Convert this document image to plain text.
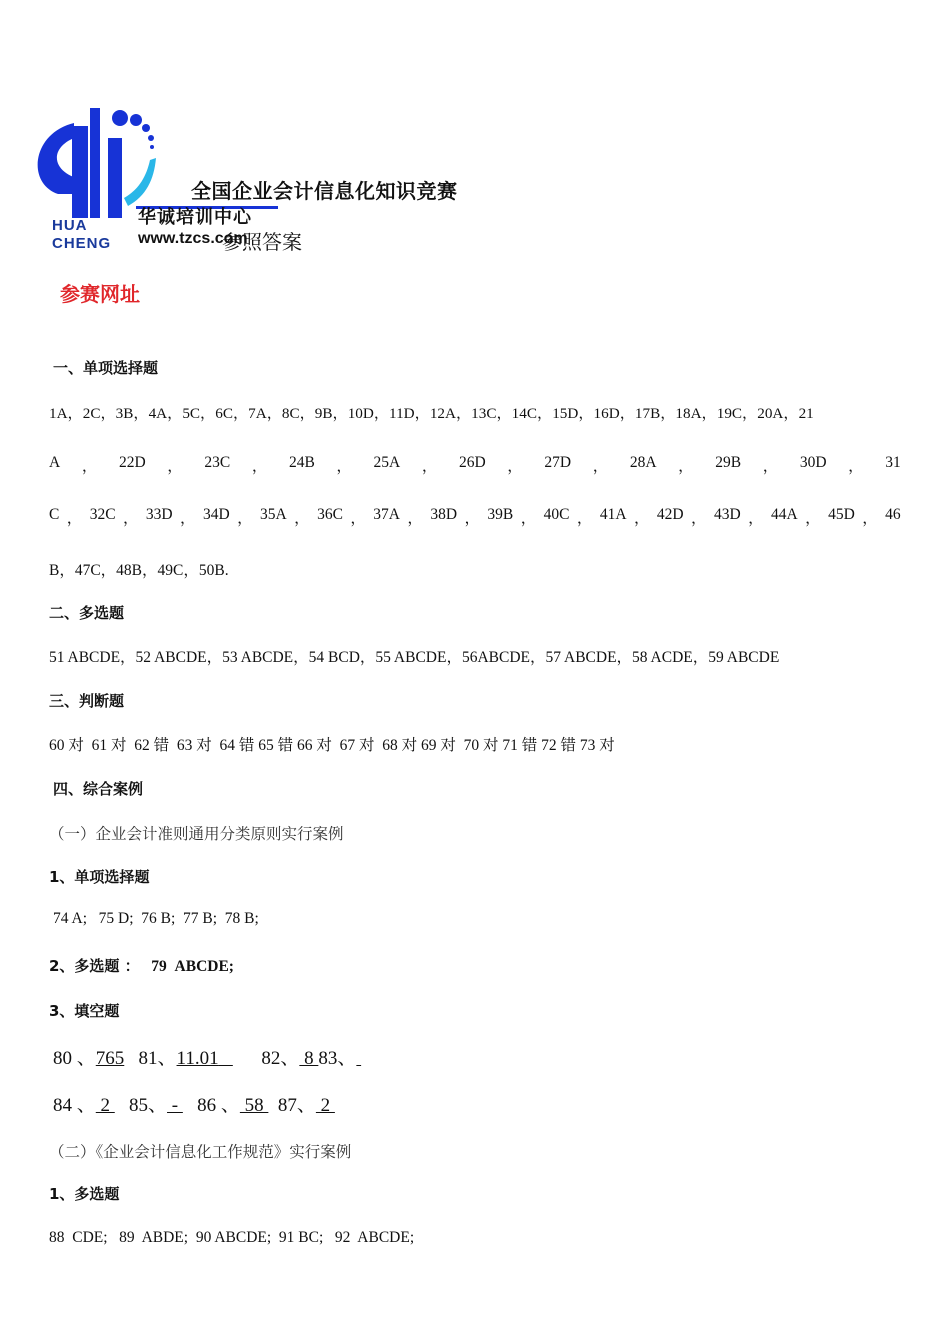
HUA
CHENG
华诚培训中心
www.tzcs.com
全国企业会计信息化知识竞赛
参照答案
参赛网址
一、单项选择题
1A，2C，3B，4A，5C，6C，7A，8C，9B，10D，11D，12A，13C，14C，15D，16D，17B，18A，19C，20A，21
A ， 22D ， 23C ， 24B ， 25A ， 26D ， 27D ， 28A ， 29B ， 30D ， 31
C ， 32C ， 33D ， 34D ， 35A ， 36C ， 37A ， 38D ， 39B ， 40C ， 41A ， 42D ， 43D ， 44A ， 45D ， 46
B，47C，48B，49C，50B.
二、多选题
51 ABCDE，52 ABCDE，53 ABCDE，54 BCD，55 ABCDE，56ABCDE，57 ABCDE，58 ACDE，59 ABCDE
三、判断题
60 对  61 对  62 错  63 对  64 错 65 错 66 对  67 对  68 对 69 对  70 对 71 错 72 错 73 对
四、综合案例
（一）企业会计准则通用分类原则实行案例
1、单项选择题
74 A;   75 D;  76 B;  77 B;  78 B;
2、多选题 ： 79  ABCDE;
3、填空题
80 、765 81、11.01 82、 8 83、
84 、 2    85、 -    86 、 58   87、 2
（二）《企业会计信息化工作规范》实行案例
1、多选题
88  CDE;   89  ABDE;  90 ABCDE;  91 BC;   92  ABCDE;
